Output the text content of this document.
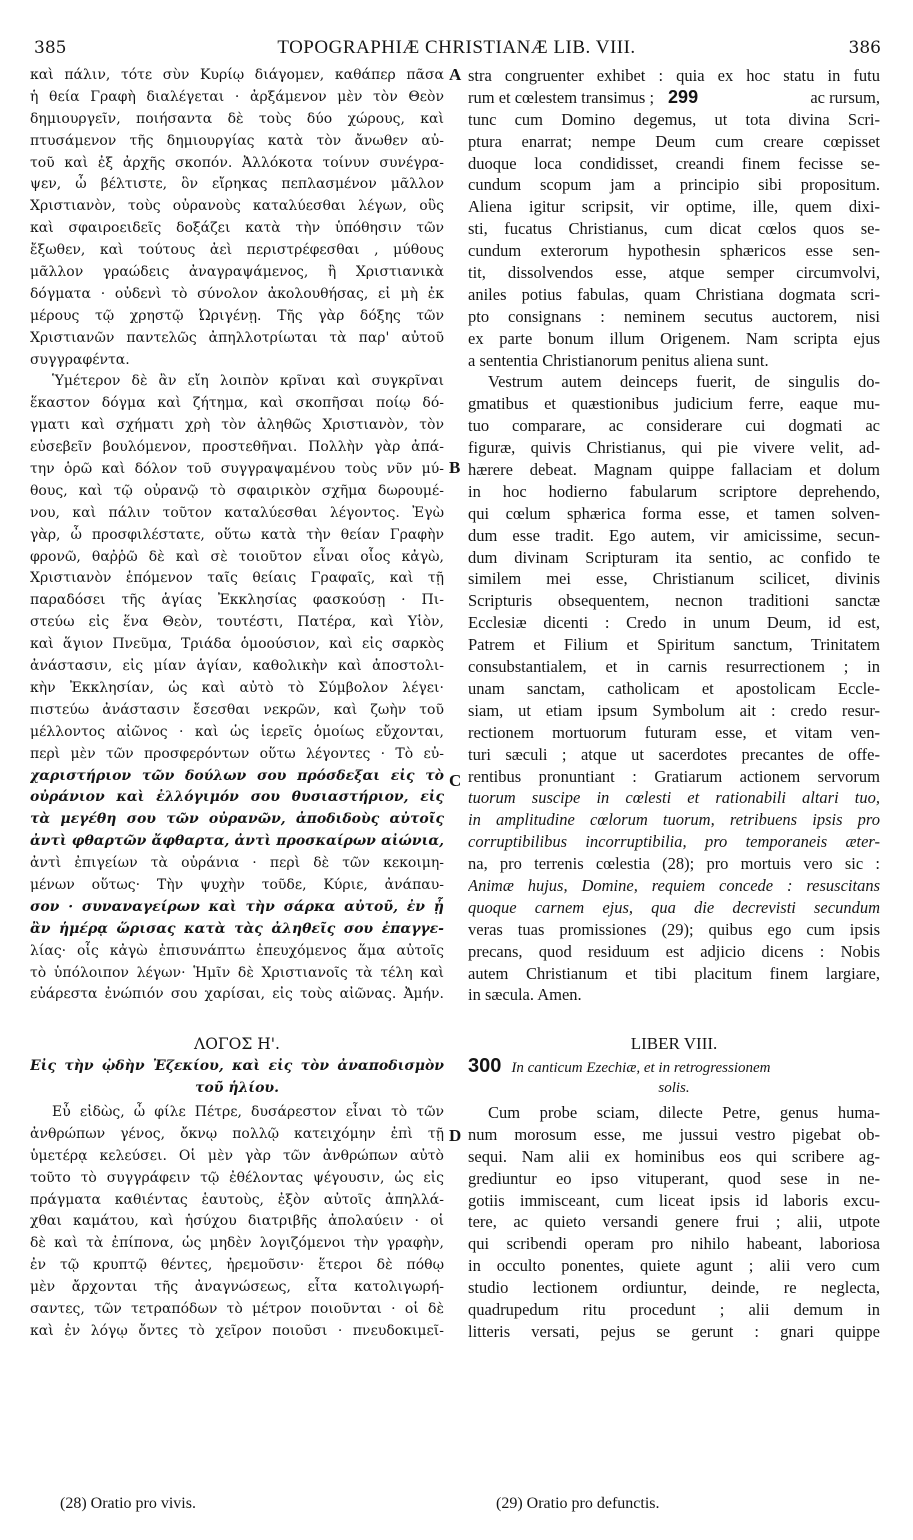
385	TOPOGRAPHIÆ CHRISTIANÆ LIB. VIII.	386
A
B
C
D
καὶ πάλιν, τότε σὺν Κυρίῳ διάγομεν, καθάπερ πᾶσα
ἡ θεία Γραφὴ διαλέγεται · ἀρξάμενον μὲν τὸν Θεὸν
δημιουργεῖν, ποιήσαντα δὲ τοὺς δύο χώρους, καὶ
πτυσάμενον τῆς δημιουργίας κατὰ τὸν ἄνωθεν αὐ-
τοῦ καὶ ἐξ ἀρχῆς σκοπόν. Ἀλλόκοτα τοίνυν συνέγρα-
ψεν, ὦ βέλτιστε, ὃν εἴρηκας πεπλασμένον μᾶλλον
Χριστιανὸν, τοὺς οὐρανοὺς καταλύεσθαι λέγων, οὓς
καὶ σφαιροειδεῖς δοξάζει κατὰ τὴν ὑπόθησιν τῶν
ἔξωθεν, καὶ τούτους ἀεὶ περιστρέφεσθαι , μύθους
μᾶλλον γραώδεις ἀναγραψάμενος, ἢ Χριστιανικὰ
δόγματα · οὐδενὶ τὸ σύνολον ἀκολουθήσας, εἰ μὴ ἐκ
μέρους τῷ χρηστῷ Ὠριγένῃ. Τῆς γὰρ δόξης τῶν
Χριστιανῶν παντελῶς ἀπηλλοτρίωται τὰ παρ' αὐτοῦ
συγγραφέντα.
Ὑμέτερον δὲ ἂν εἴη λοιπὸν κρῖναι καὶ συγκρῖναι
ἕκαστον δόγμα καὶ ζήτημα, καὶ σκοπῆσαι ποίῳ δό-
γματι καὶ σχήματι χρὴ τὸν ἀληθῶς Χριστιανὸν, τὸν
εὐσεβεῖν βουλόμενον, προστεθῆναι. Πολλὴν γὰρ ἀπά-
την ὁρῶ καὶ δόλον τοῦ συγγραψαμένου τοὺς νῦν μύ-
θους, καὶ τῷ οὐρανῷ τὸ σφαιρικὸν σχῆμα δωρουμέ-
νου, καὶ πάλιν τοῦτον καταλύεσθαι λέγοντος. Ἐγὼ
γὰρ, ὦ προσφιλέστατε, οὕτω κατὰ τὴν θείαν Γραφὴν
φρονῶ, θαῤῥῶ δὲ καὶ σὲ τοιοῦτον εἶναι οἷος κἀγὼ,
Χριστιανὸν ἑπόμενον ταῖς θείαις Γραφαῖς, καὶ τῇ
παραδόσει τῆς ἁγίας Ἐκκλησίας φασκούσῃ · Πι-
στεύω εἰς ἕνα Θεὸν, τουτέστι, Πατέρα, καὶ Υἱὸν,
καὶ ἅγιον Πνεῦμα, Τριάδα ὁμοούσιον, καὶ εἰς σαρκὸς
ἀνάστασιν, εἰς μίαν ἁγίαν, καθολικὴν καὶ ἀποστολι-
κὴν Ἐκκλησίαν, ὡς καὶ αὐτὸ τὸ Σύμβολον λέγει·
πιστεύω ἀνάστασιν ἔσεσθαι νεκρῶν, καὶ ζωὴν τοῦ
μέλλοντος αἰῶνος · καὶ ὡς ἱερεῖς ὁμοίως εὔχονται,
περὶ μὲν τῶν προσφερόντων οὕτω λέγοντες · Τὸ εὐ-
χαριστήριον τῶν δούλων σου πρόσδεξαι εἰς τὸ
οὐράνιον καὶ ἐλλόγιμόν σου θυσιαστήριον, εἰς
τὰ μεγέθη σου τῶν οὐρανῶν, ἀποδιδοὺς αὐτοῖς
ἀντὶ φθαρτῶν ἄφθαρτα, ἀντὶ προσκαίρων αἰώνια,
ἀντὶ ἐπιγείων τὰ οὐράνια · περὶ δὲ τῶν κεκοιμη-
μένων οὕτως· Τὴν ψυχὴν τοῦδε, Κύριε, ἀνάπαυ-
σον · συναναγείρων καὶ τὴν σάρκα αὐτοῦ, ἐν ᾗ
ἂν ἡμέρᾳ ὥρισας κατὰ τὰς ἀληθεῖς σου ἐπαγγε-
λίας· οἷς κἀγὼ ἐπισυνάπτω ἐπευχόμενος ἅμα αὐτοῖς
τὸ ὑπόλοιπον λέγων· Ἡμῖν δὲ Χριστιανοῖς τὰ τέλη καὶ
εὐάρεστα ἐνώπιόν σου χαρίσαι, εἰς τοὺς αἰῶνας. Ἀμήν.
ΛΟΓΟΣ Η'.
Εἰς τὴν ᾠδὴν Ἐζεκίου, καὶ εἰς τὸν ἀναποδισμὸν
τοῦ ἡλίου.
Εὖ εἰδὼς, ὦ φίλε Πέτρε, δυσάρεστον εἶναι τὸ τῶν
ἀνθρώπων γένος, ὄκνῳ πολλῷ κατειχόμην ἐπὶ τῇ
ὑμετέρᾳ κελεύσει. Οἱ μὲν γὰρ τῶν ἀνθρώπων αὐτὸ
τοῦτο τὸ συγγράφειν τῷ ἐθέλοντας ψέγουσιν, ὡς εἰς
πράγματα καθιέντας ἑαυτοὺς, ἐξὸν αὐτοῖς ἀπηλλά-
χθαι καμάτου, καὶ ἡσύχου διατριβῆς ἀπολαύειν · οἱ
δὲ καὶ τὰ ἐπίπονα, ὡς μηδὲν λογιζόμενοι τὴν γραφὴν,
ἐν τῷ κρυπτῷ θέντες, ἠρεμοῦσιν· ἕτεροι δὲ πόθῳ
μὲν ἄρχονται τῆς ἀναγνώσεως, εἶτα κατολιγωρή-
σαντες, τῶν τετραπόδων τὸ μέτρον ποιοῦνται · οἱ δὲ
καὶ ἐν λόγῳ ὄντες τὸ χεῖρον ποιοῦσι · πνευδοκιμεῖ-
(28) Oratio pro vivis.
stra congruenter exhibet : quia ex hoc statu in futu
rum et cœlestem transimus ; 299	ac rursum,
tunc cum Domino degemus, ut tota divina Scri-
ptura enarrat; nempe Deum cum creare cœpisset
duoque loca condidisset, creandi finem fecisse se-
cundum scopum jam a principio sibi propositum.
Aliena igitur scripsit, vir optime, ille, quem dixi-
sti, fucatus Christianus, cum dicat cœlos quos se-
cundum exterorum hypothesin sphæricos esse sen-
tit, dissolvendos esse, atque semper circumvolvi,
aniles potius fabulas, quam Christiana dogmata scri-
pto consignans : neminem secutus auctorem, nisi
ex parte bonum illum Origenem. Nam scripta ejus
a sententia Christianorum penitus aliena sunt.
Vestrum autem deinceps fuerit, de singulis do-
gmatibus et quæstionibus judicium ferre, eaque mu-
tuo comparare, ac considerare cui dogmati ac
figuræ, quivis Christianus, qui pie vivere velit, ad-
hærere debeat. Magnam quippe fallaciam et dolum
in hoc hodierno fabularum scriptore deprehendo,
qui cœlum sphærica forma esse, et tamen solven-
dum esse tradit. Ego autem, vir amicissime, secun-
dum divinam Scripturam ita sentio, ac confido te
similem mei esse, Christianum scilicet, divinis
Scripturis obsequentem, necnon traditioni sanctæ
Ecclesiæ dicenti : Credo in unum Deum, id est,
Patrem et Filium et Spiritum sanctum, Trinitatem
consubstantialem, et in carnis resurrectionem ; in
unam sanctam, catholicam et apostolicam Eccle-
siam, ut etiam ipsum Symbolum ait : credo resur-
rectionem mortuorum futuram esse, et vitam ven-
turi sæculi ; atque ut sacerdotes precantes de offe-
rentibus pronuntiant : Gratiarum actionem servorum
tuorum suscipe in cœlesti et rationabili altari tuo,
in amplitudine cœlorum tuorum, retribuens ipsis pro
corruptibilibus incorruptibilia, pro temporaneis æter-
na, pro terrenis cœlestia (28); pro mortuis vero sic :
Animæ hujus, Domine, requiem concede : resuscitans
quoque carnem ejus, qua die decrevisti secundum
veras tuas promissiones (29); quibus ego cum ipsis
precans, quod residuum est adjicio dicens : Nobis
autem Christianum et tibi placitum finem largiare,
in sæcula. Amen.
LIBER VIII.
300 In canticum Ezechiæ, et in retrogressionem
solis.
Cum probe sciam, dilecte Petre, genus huma-
num morosum esse, me jussui vestro pigebat ob-
sequi. Nam alii ex hominibus eos qui scribere ag-
grediuntur eo ipso vituperant, quod sese in ne-
gotiis immisceant, cum liceat ipsis id laboris excu-
tere, ac quieto versandi genere frui ; alii, utpote
qui scribendi operam pro nihilo habeant, laboriosa
in occulto ponentes, quiete agunt ; alii vero cum
studio lectionem ordiuntur, deinde, re neglecta,
quadrupedum ritu procedunt ; alii demum in
litteris versati, pejus se gerunt : gnari quippe
(29) Oratio pro defunctis.
